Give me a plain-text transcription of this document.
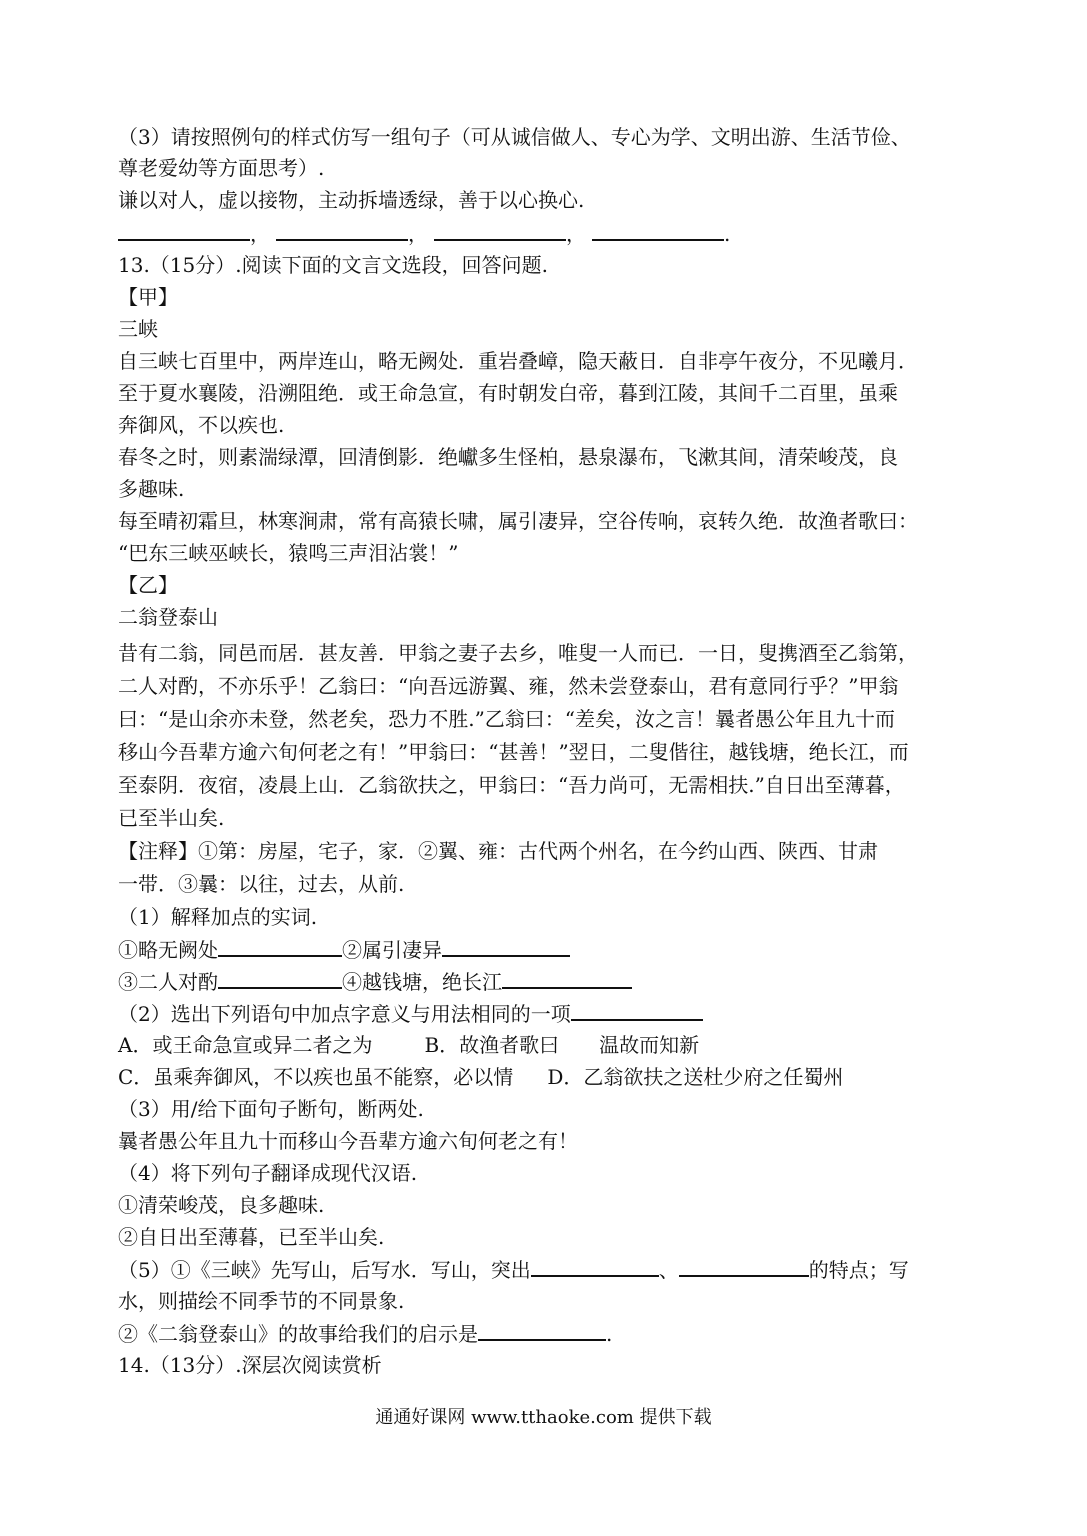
（3）请按照例句的样式仿写一组句子（可从诚信做人、专心为学、文明出游、生活节俭、
尊老爱幼等方面思考）.
谦以对人，虚以接物，主动拆墙透绿，善于以心换心.
，	，	，	.
13.（15分）.阅读下面的文言文选段，回答问题.
【甲】
三峡
自三峡七百里中，两岸连山，略无阙处．重岩叠嶂，隐天蔽日．自非亭午夜分，不见曦月．
至于夏水襄陵，沿溯阻绝．或王命急宣，有时朝发白帝，暮到江陵，其间千二百里，虽乘
奔御风，不以疾也.
春冬之时，则素湍绿潭，回清倒影．绝巘多生怪柏，悬泉瀑布，飞漱其间，清荣峻茂，良
多趣味.
每至晴初霜旦，林寒涧肃，常有高猿长啸，属引凄异，空谷传响，哀转久绝．故渔者歌曰：
“巴东三峡巫峡长，猿鸣三声泪沾裳！”
【乙】
二翁登泰山
昔有二翁，同邑而居．甚友善．甲翁之妻子去乡，唯叟一人而已．一日，叟携酒至乙翁第，
二人对酌，不亦乐乎！乙翁曰：“向吾远游翼、雍，然未尝登泰山，君有意同行乎？”甲翁
曰：“是山余亦未登，然老矣，恐力不胜.”乙翁曰：“差矣，汝之言！曩者愚公年且九十而
移山今吾辈方逾六旬何老之有！”甲翁曰：“甚善！”翌日，二叟偕往，越钱塘，绝长江，而
至泰阴．夜宿，凌晨上山．乙翁欲扶之，甲翁曰：“吾力尚可，无需相扶.”自日出至薄暮，
已至半山矣.
【注释】①第：房屋，宅子，家．②翼、雍：古代两个州名，在今约山西、陕西、甘肃
一带．③曩：以往，过去，从前.
（1）解释加点的实词.
①略无阙处	②属引凄异
③二人对酌	④越钱塘，绝长江
（2）选出下列语句中加点字意义与用法相同的一项
A．或王命急宣或异二者之为	B．故渔者歌曰　　温故而知新
C．虽乘奔御风，不以疾也虽不能察，必以情 D．乙翁欲扶之送杜少府之任蜀州
（3）用/给下面句子断句，断两处.
曩者愚公年且九十而移山今吾辈方逾六旬何老之有！
（4）将下列句子翻译成现代汉语.
①清荣峻茂，良多趣味.
②自日出至薄暮，已至半山矣.
（5）①《三峡》先写山，后写水．写山，突出	、	的特点；写
水，则描绘不同季节的不同景象.
②《二翁登泰山》的故事给我们的启示是	.
14.（13分）.深层次阅读赏析
通通好课网 www.tthaoke.com 提供下载
